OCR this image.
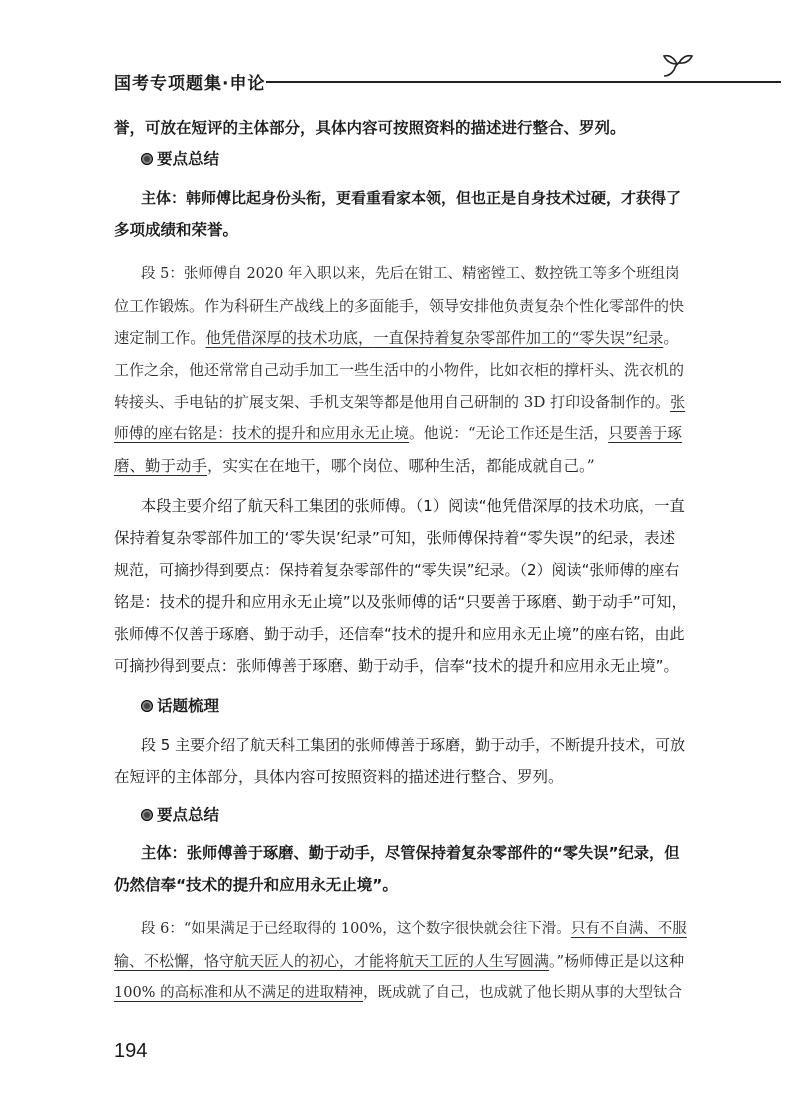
国考专项题集·申论

誉，可放在短评的主体部分，具体内容可按照资料的描述进行整合、罗列。

要点总结

主体：韩师傅比起身份头衔，更看重看家本领，但也正是自身技术过硬，才获得了

多项成绩和荣誉。

段 5：张师傅自 2020 年入职以来，先后在钳工、精密镗工、数控铣工等多个班组岗

位工作锻炼。作为科研生产战线上的多面能手，领导安排他负责复杂个性化零部件的快

速定制工作。他凭借深厚的技术功底，一直保持着复杂零部件加工的“零失误”纪录。

工作之余，他还常常自己动手加工一些生活中的小物件，比如衣柜的撑杆头、洗衣机的

转接头、手电钻的扩展支架、手机支架等都是他用自己研制的 3D 打印设备制作的。张

师傅的座右铭是：技术的提升和应用永无止境。他说：“无论工作还是生活，只要善于琢

磨、勤于动手，实实在在地干，哪个岗位、哪种生活，都能成就自己。”

本段主要介绍了航天科工集团的张师傅。（1）阅读“他凭借深厚的技术功底，一直

保持着复杂零部件加工的‘零失误’纪录”可知，张师傅保持着“零失误”的纪录，表述

规范，可摘抄得到要点：保持着复杂零部件的“零失误”纪录。（2）阅读“张师傅的座右

铭是：技术的提升和应用永无止境”以及张师傅的话“只要善于琢磨、勤于动手”可知，

张师傅不仅善于琢磨、勤于动手，还信奉“技术的提升和应用永无止境”的座右铭，由此

可摘抄得到要点：张师傅善于琢磨、勤于动手，信奉“技术的提升和应用永无止境”。

话题梳理

段 5 主要介绍了航天科工集团的张师傅善于琢磨，勤于动手，不断提升技术，可放

在短评的主体部分，具体内容可按照资料的描述进行整合、罗列。

要点总结

主体：张师傅善于琢磨、勤于动手，尽管保持着复杂零部件的“零失误”纪录，但

仍然信奉“技术的提升和应用永无止境”。

段 6：“如果满足于已经取得的 100%，这个数字很快就会往下滑。只有不自满、不服

输、不松懈，恪守航天匠人的初心，才能将航天工匠的人生写圆满。”杨师傅正是以这种

100% 的高标准和从不满足的进取精神，既成就了自己，也成就了他长期从事的大型钛合

194
